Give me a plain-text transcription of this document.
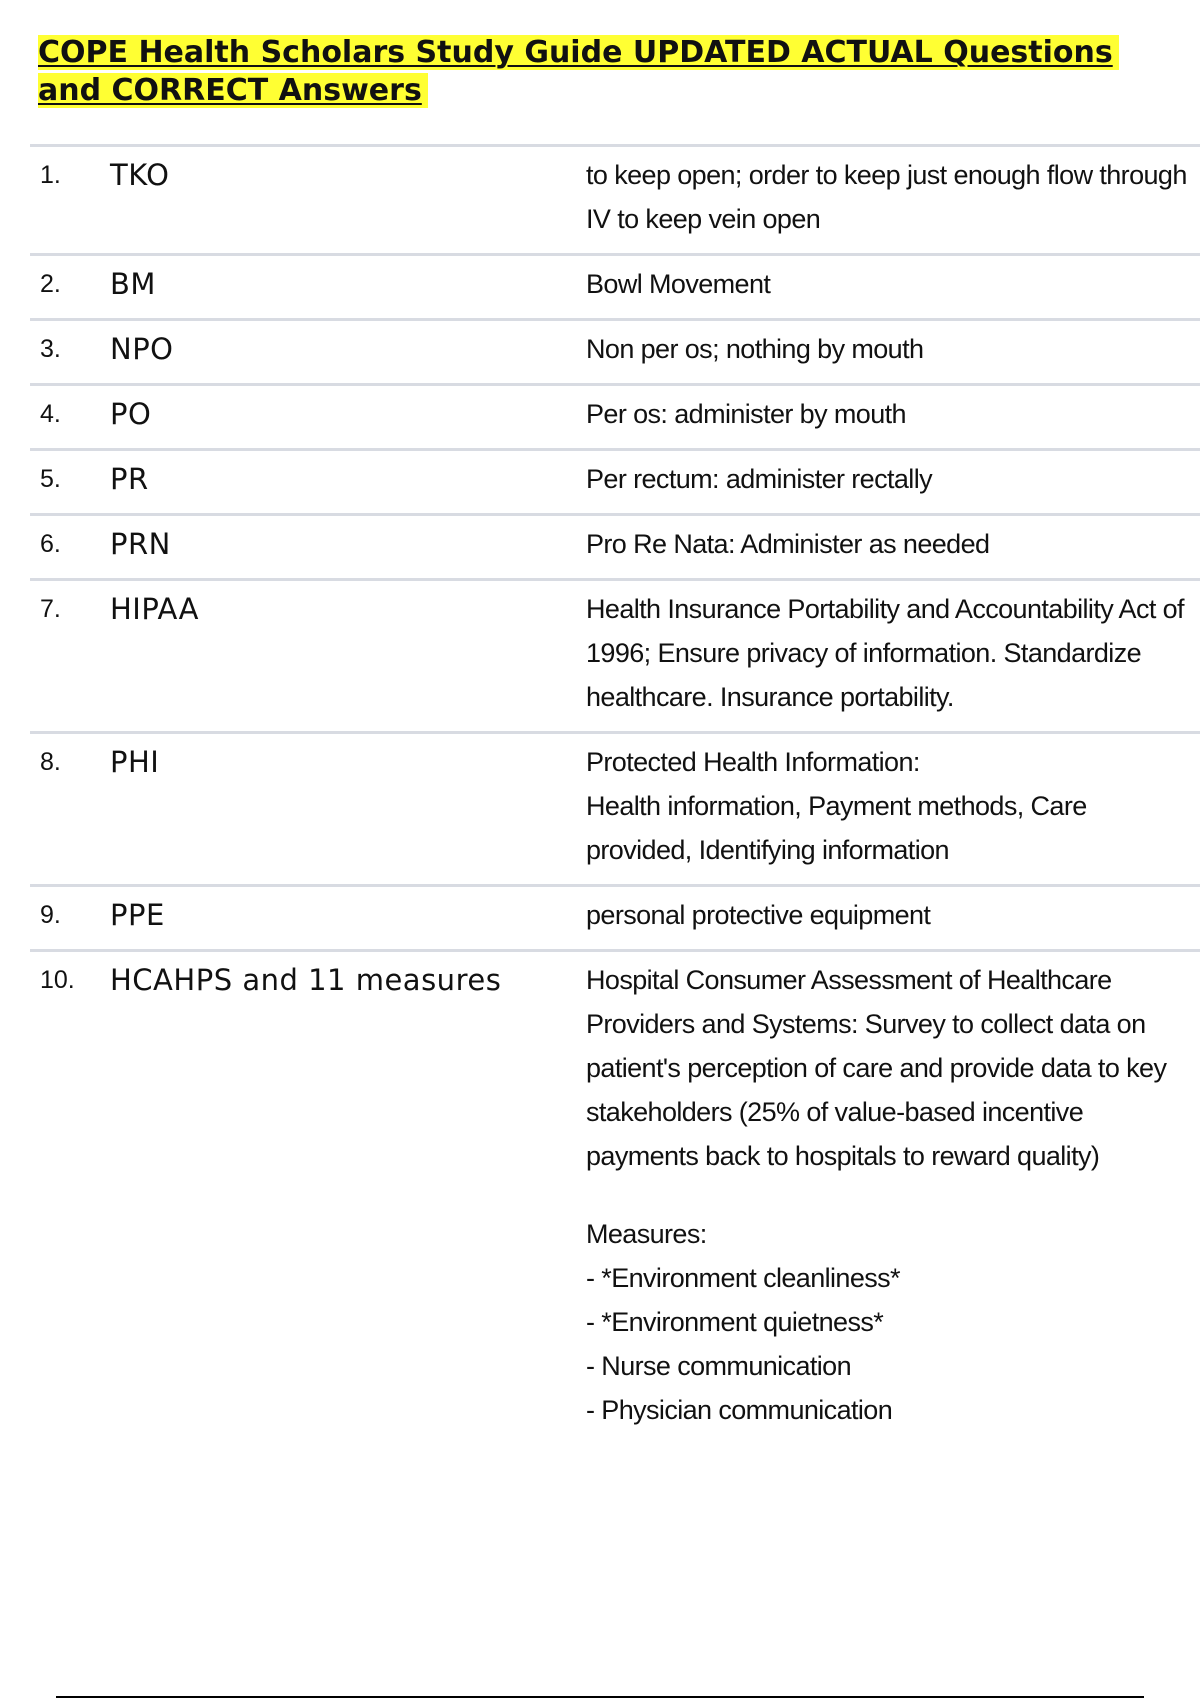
COPE Health Scholars Study Guide UPDATED ACTUAL Questions and CORRECT Answers
1.	TKO	to keep open; order to keep just enough flow through IV to keep vein open

2.	BM	Bowl Movement

3.	NPO	Non per os; nothing by mouth

4.	PO	Per os: administer by mouth

5.	PR	Per rectum: administer rectally

6.	PRN	Pro Re Nata: Administer as needed

7.	HIPAA	Health Insurance Portability and Accountability Act of 1996; Ensure privacy of information. Standardize healthcare. Insurance portability.

8.	PHI	Protected Health Information:

Health information, Payment methods, Care provided, Identifying information

9.	PPE	personal protective equipment

10.	HCAHPS and 11 measures	Hospital Consumer Assessment of Healthcare Providers and Systems: Survey to collect data on patient's perception of care and provide data to key stakeholders (25% of value-based incentive payments back to hospitals to reward quality)

Measures:

- *Environment cleanliness*
- *Environment quietness*
- Nurse communication
- Physician communication
